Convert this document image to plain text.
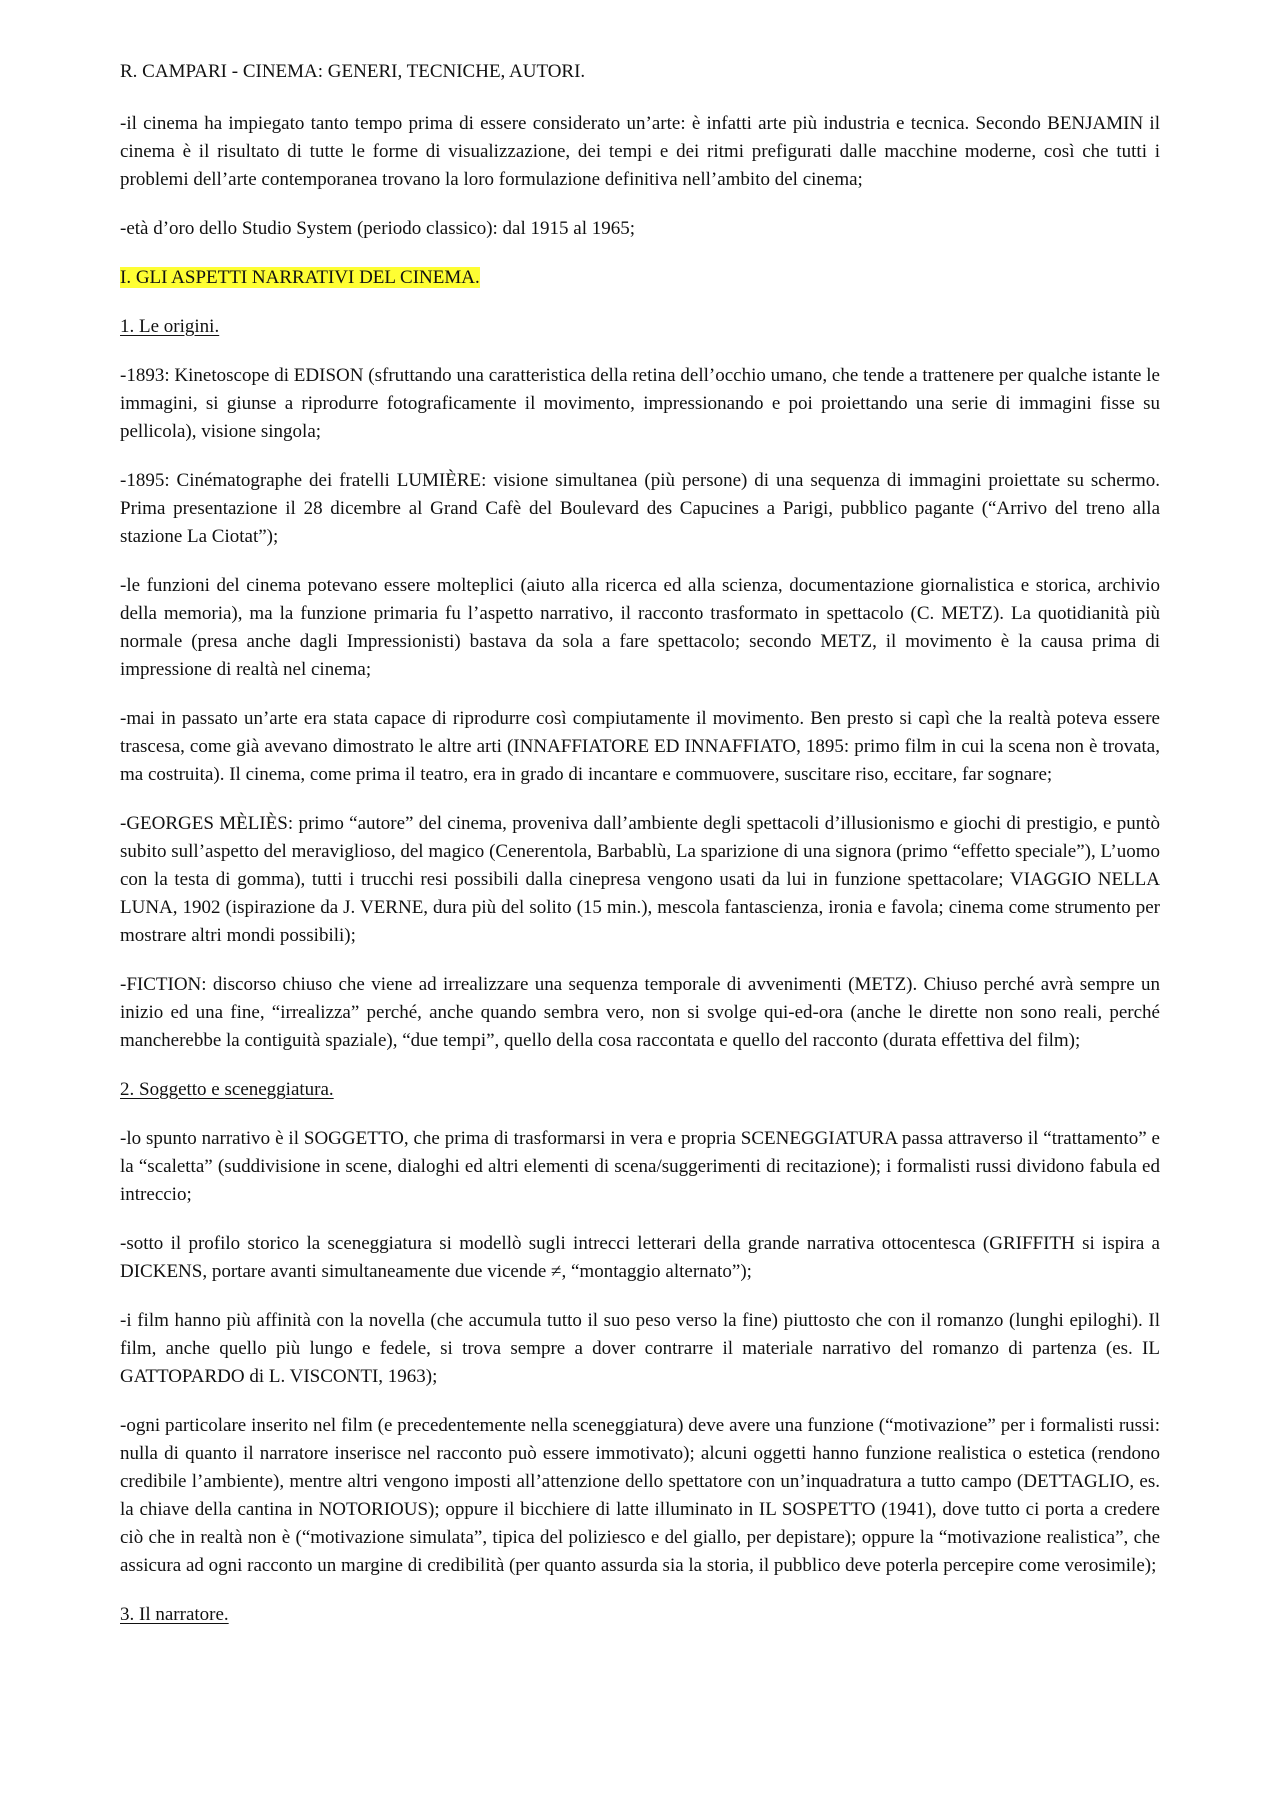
R. CAMPARI - CINEMA: GENERI, TECNICHE, AUTORI.

-il cinema ha impiegato tanto tempo prima di essere considerato un’arte: è infatti arte più industria e tecnica. Secondo BENJAMIN il cinema è il risultato di tutte le forme di visualizzazione, dei tempi e dei ritmi prefigurati dalle macchine moderne, così che tutti i problemi dell’arte contemporanea trovano la loro formulazione definitiva nell’ambito del cinema;

-età d’oro dello Studio System (periodo classico): dal 1915 al 1965;

I. GLI ASPETTI NARRATIVI DEL CINEMA.

1. Le origini.

-1893: Kinetoscope di EDISON (sfruttando una caratteristica della retina dell’occhio umano, che tende a trattenere per qualche istante le immagini, si giunse a riprodurre fotograficamente il movimento, impressionando e poi proiettando una serie di immagini fisse su pellicola), visione singola;

-1895: Cinématographe dei fratelli LUMIÈRE: visione simultanea (più persone) di una sequenza di immagini proiettate su schermo. Prima presentazione il 28 dicembre al Grand Cafè del Boulevard des Capucines a Parigi, pubblico pagante (“Arrivo del treno alla stazione La Ciotat”);

-le funzioni del cinema potevano essere molteplici (aiuto alla ricerca ed alla scienza, documentazione giornalistica e storica, archivio della memoria), ma la funzione primaria fu l’aspetto narrativo, il racconto trasformato in spettacolo (C. METZ). La quotidianità più normale (presa anche dagli Impressionisti) bastava da sola a fare spettacolo; secondo METZ, il movimento è la causa prima di impressione di realtà nel cinema;

-mai in passato un’arte era stata capace di riprodurre così compiutamente il movimento. Ben presto si capì che la realtà poteva essere trascesa, come già avevano dimostrato le altre arti (INNAFFIATORE ED INNAFFIATO, 1895: primo film in cui la scena non è trovata, ma costruita). Il cinema, come prima il teatro, era in grado di incantare e commuovere, suscitare riso, eccitare, far sognare;

-GEORGES MÈLIÈS: primo “autore” del cinema, proveniva dall’ambiente degli spettacoli d’illusionismo e giochi di prestigio, e puntò subito sull’aspetto del meraviglioso, del magico (Cenerentola, Barbablù, La sparizione di una signora (primo “effetto speciale”), L’uomo con la testa di gomma), tutti i trucchi resi possibili dalla cinepresa vengono usati da lui in funzione spettacolare; VIAGGIO NELLA LUNA, 1902 (ispirazione da J. VERNE, dura più del solito (15 min.), mescola fantascienza, ironia e favola; cinema come strumento per mostrare altri mondi possibili);

-FICTION: discorso chiuso che viene ad irrealizzare una sequenza temporale di avvenimenti (METZ). Chiuso perché avrà sempre un inizio ed una fine, “irrealizza” perché, anche quando sembra vero, non si svolge qui-ed-ora (anche le dirette non sono reali, perché mancherebbe la contiguità spaziale), “due tempi”, quello della cosa raccontata e quello del racconto (durata effettiva del film);

2. Soggetto e sceneggiatura.

-lo spunto narrativo è il SOGGETTO, che prima di trasformarsi in vera e propria SCENEGGIATURA passa attraverso il “trattamento” e la “scaletta” (suddivisione in scene, dialoghi ed altri elementi di scena/suggerimenti di recitazione); i formalisti russi dividono fabula ed intreccio;

-sotto il profilo storico la sceneggiatura si modellò sugli intrecci letterari della grande narrativa ottocentesca (GRIFFITH si ispira a DICKENS, portare avanti simultaneamente due vicende ≠, “montaggio alternato”);

-i film hanno più affinità con la novella (che accumula tutto il suo peso verso la fine) piuttosto che con il romanzo (lunghi epiloghi). Il film, anche quello più lungo e fedele, si trova sempre a dover contrarre il materiale narrativo del romanzo di partenza (es. IL GATTOPARDO di L. VISCONTI, 1963);

-ogni particolare inserito nel film (e precedentemente nella sceneggiatura) deve avere una funzione (“motivazione” per i formalisti russi: nulla di quanto il narratore inserisce nel racconto può essere immotivato); alcuni oggetti hanno funzione realistica o estetica (rendono credibile l’ambiente), mentre altri vengono imposti all’attenzione dello spettatore con un’inquadratura a tutto campo (DETTAGLIO, es. la chiave della cantina in NOTORIOUS); oppure il bicchiere di latte illuminato in IL SOSPETTO (1941), dove tutto ci porta a credere ciò che in realtà non è (“motivazione simulata”, tipica del poliziesco e del giallo, per depistare); oppure la “motivazione realistica”, che assicura ad ogni racconto un margine di credibilità (per quanto assurda sia la storia, il pubblico deve poterla percepire come verosimile);

3. Il narratore.
